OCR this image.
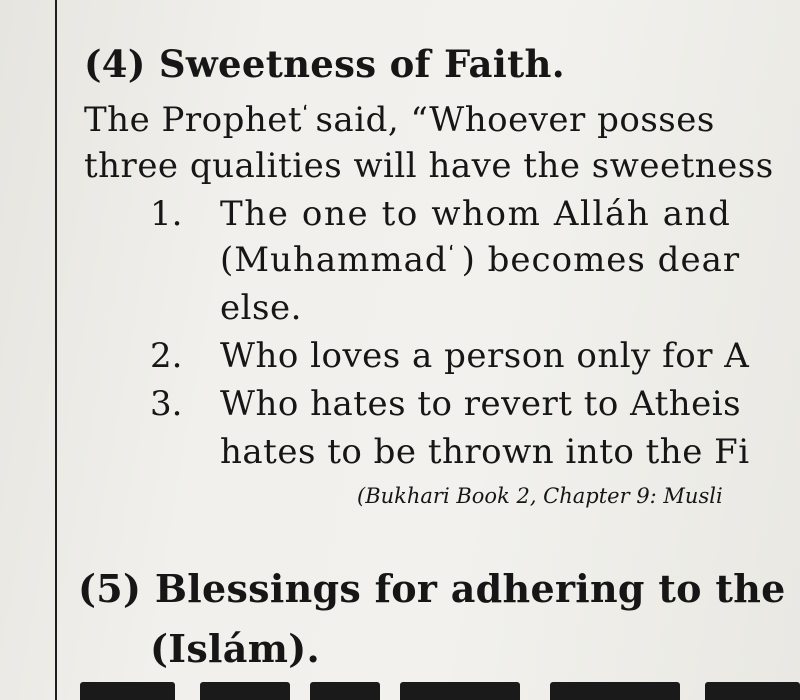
(4) Sweetness of Faith.
The Prophet‘said, “Whoever posses
three qualities will have the sweetness
1. The one to whom Alláh and
(Muhammad‘) becomes dear
else.
2. Who loves a person only for A
3. Who hates to revert to Atheis
hates to be thrown into the Fi
(Bukhari Book 2, Chapter 9: Musli
(5) Blessings for adhering to the
(Islám).
